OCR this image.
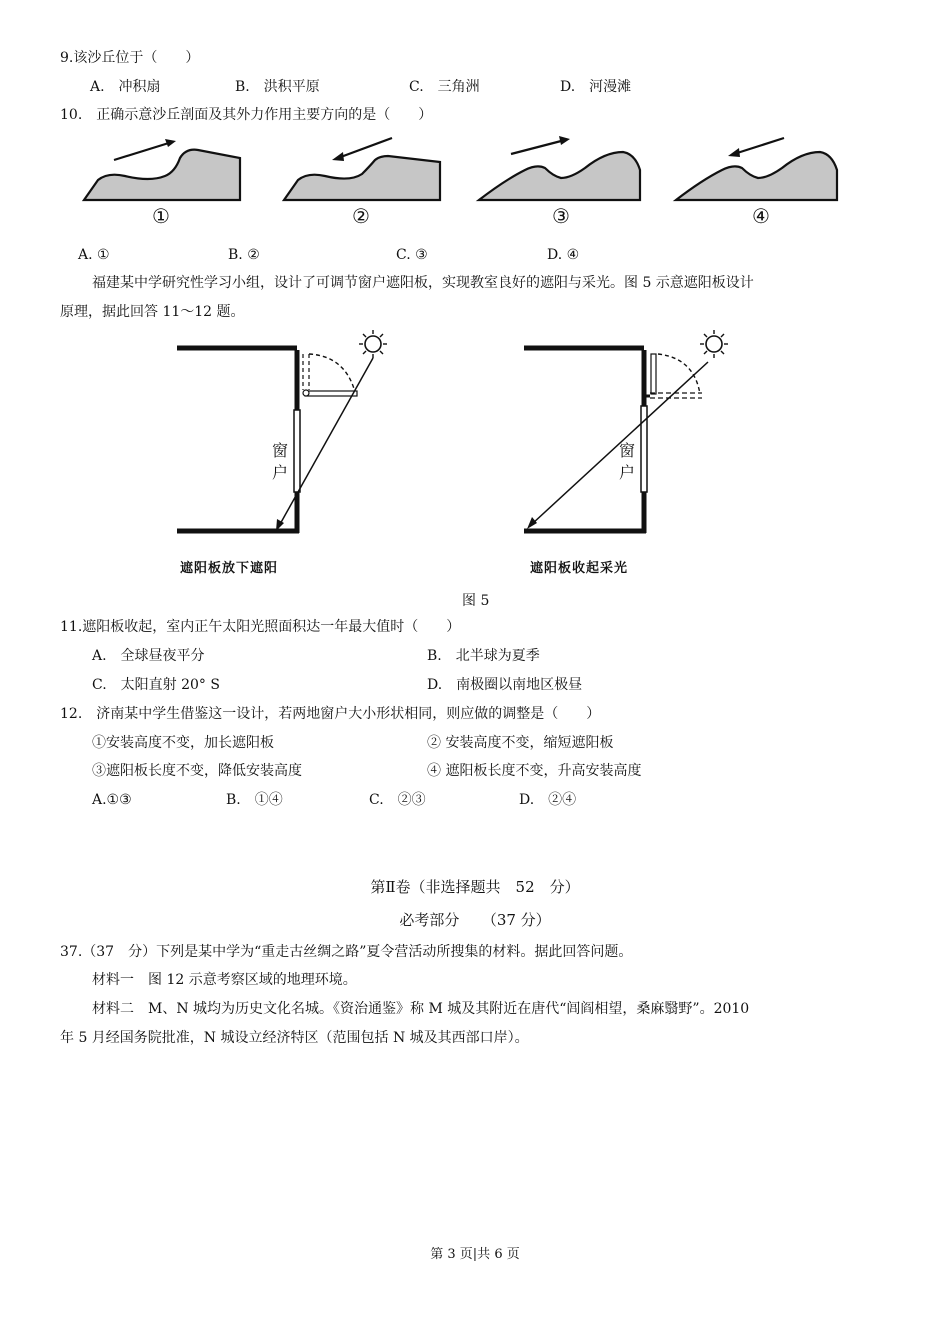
9.该沙丘位于（　　）
A.　冲积扇	B.　洪积平原	C.　三角洲	D.　河漫滩
10.　正确示意沙丘剖面及其外力作用主要方向的是（　　）
①	②	③	④
A. ①	B. ②	C. ③	D. ④
福建某中学研究性学习小组，设计了可调节窗户遮阳板，实现教室良好的遮阳与采光。图 5 示意遮阳板设计
原理，据此回答 11～12 题。
窗
户
遮阳板放下遮阳
窗
户
遮阳板收起采光
图 5
11.遮阳板收起，室内正午太阳光照面积达一年最大值时（　　）
A.　全球昼夜平分	B.　北半球为夏季
C.　太阳直射 20° S	D.　南极圈以南地区极昼
12.　济南某中学生借鉴这一设计，若两地窗户大小形状相同，则应做的调整是（　　）
①安装高度不变，加长遮阳板	② 安装高度不变，缩短遮阳板
③遮阳板长度不变，降低安装高度	④ 遮阳板长度不变，升高安装高度
A.①③	B.　①④	C.　②③	D.　②④
第Ⅱ卷（非选择题共　52　分）
必考部分　　（37 分）
37.（37　分）下列是某中学为“重走古丝绸之路”夏令营活动所搜集的材料。据此回答问题。
材料一　图 12 示意考察区域的地理环境。
材料二　M、N 城均为历史文化名城。《资治通鉴》称 M 城及其附近在唐代“闾阎相望，桑麻翳野”。2010
年 5 月经国务院批准，N 城设立经济特区（范围包括 N 城及其西部口岸）。
第 3 页|共 6 页
